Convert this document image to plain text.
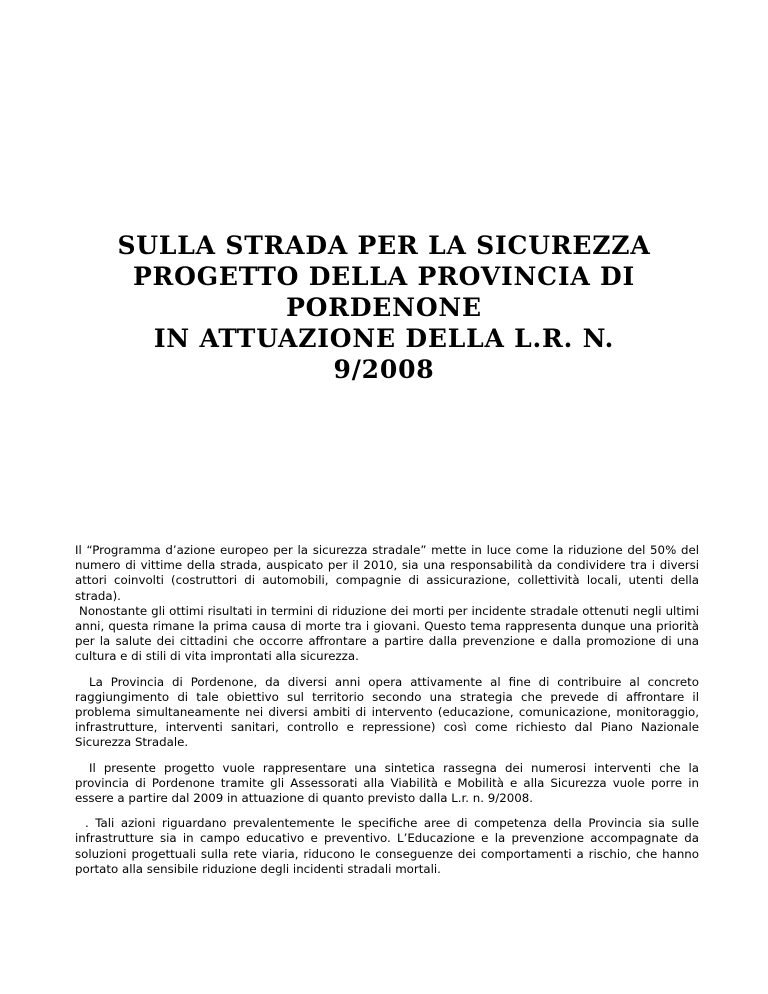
SULLA STRADA PER LA SICUREZZA
PROGETTO DELLA PROVINCIA DI
PORDENONE
IN ATTUAZIONE DELLA L.R. N.
9/2008

Il “Programma d’azione europeo per la sicurezza stradale” mette in luce come la riduzione del 50% del numero di vittime della strada, auspicato per il 2010, sia una responsabilità da condividere tra i diversi attori coinvolti (costruttori di automobili, compagnie di assicurazione, collettività locali, utenti della strada).

Nonostante gli ottimi risultati in termini di riduzione dei morti per incidente stradale ottenuti negli ultimi anni, questa rimane la prima causa di morte tra i giovani. Questo tema rappresenta dunque una priorità per la salute dei cittadini che occorre affrontare a partire dalla prevenzione e dalla promozione di una cultura e di stili di vita improntati alla sicurezza.

La Provincia di Pordenone, da diversi anni opera attivamente al fine di contribuire al concreto raggiungimento di tale obiettivo sul territorio secondo una strategia che prevede di affrontare il problema simultaneamente nei diversi ambiti di intervento (educazione, comunicazione, monitoraggio, infrastrutture, interventi sanitari, controllo e repressione) così come richiesto dal Piano Nazionale Sicurezza Stradale.

Il presente progetto vuole rappresentare una sintetica rassegna dei numerosi interventi che la provincia di Pordenone tramite gli Assessorati alla Viabilità e Mobilità e alla Sicurezza vuole porre in essere a partire dal 2009 in attuazione di quanto previsto dalla L.r. n. 9/2008.

. Tali azioni riguardano prevalentemente le specifiche aree di competenza della Provincia sia sulle infrastrutture sia in campo educativo e preventivo. L’Educazione e la prevenzione accompagnate da soluzioni progettuali sulla rete viaria, riducono le conseguenze dei comportamenti a rischio, che hanno portato alla sensibile riduzione degli incidenti stradali mortali.
